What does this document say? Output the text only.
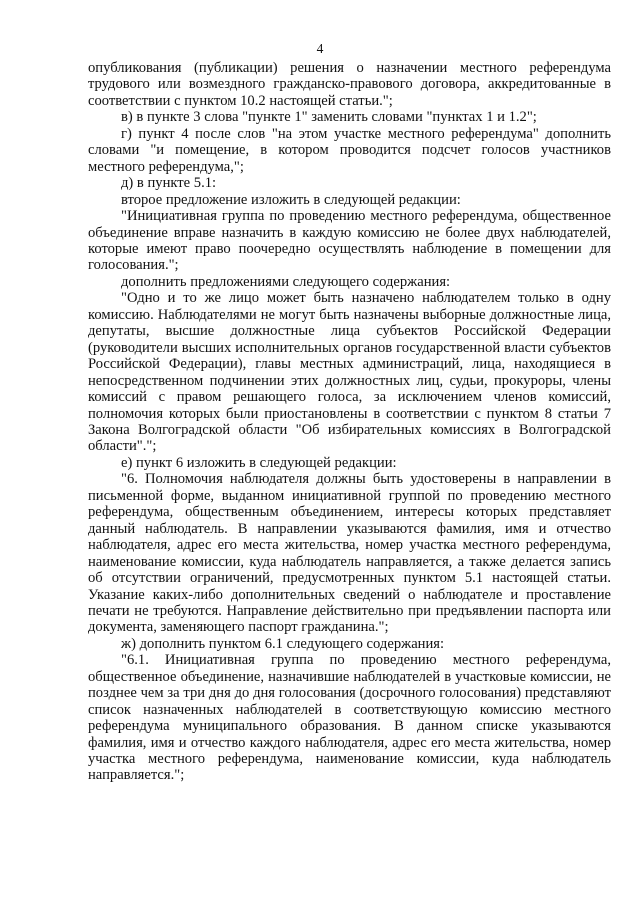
4

опубликования (публикации) решения о назначении местного референдума трудового или возмездного гражданско-правового договора, аккредитованные в соответствии с пунктом 10.2 настоящей статьи.";

в) в пункте 3 слова "пункте 1" заменить словами "пунктах 1 и 1.2";

г) пункт 4 после слов "на этом участке местного референдума" дополнить словами "и помещение, в котором проводится подсчет голосов участников местного референдума,";

д) в пункте 5.1:

второе предложение изложить в следующей редакции:

"Инициативная группа по проведению местного референдума, общественное объединение вправе назначить в каждую комиссию не более двух наблюдателей, которые имеют право поочередно осуществлять наблюдение в помещении для голосования.";

дополнить предложениями следующего содержания:

"Одно и то же лицо может быть назначено наблюдателем только в одну комиссию. Наблюдателями не могут быть назначены выборные должностные лица, депутаты, высшие должностные лица субъектов Российской Федерации (руководители высших исполнительных органов государственной власти субъектов Российской Федерации), главы местных администраций, лица, находящиеся в непосредственном подчинении этих должностных лиц, судьи, прокуроры, члены комиссий с правом решающего голоса, за исключением членов комиссий, полномочия которых были приостановлены в соответствии с пунктом 8 статьи 7 Закона Волгоградской области "Об избирательных комиссиях в Волгоградской области".";

е) пункт 6 изложить в следующей редакции:

"6. Полномочия наблюдателя должны быть удостоверены в направлении в письменной форме, выданном инициативной группой по проведению местного референдума, общественным объединением, интересы которых представляет данный наблюдатель. В направлении указываются фамилия, имя и отчество наблюдателя, адрес его места жительства, номер участка местного референдума, наименование комиссии, куда наблюдатель направляется, а также делается запись об отсутствии ограничений, предусмотренных пунктом 5.1 настоящей статьи. Указание каких-либо дополнительных сведений о наблюдателе и проставление печати не требуются. Направление действительно при предъявлении паспорта или документа, заменяющего паспорт гражданина.";

ж) дополнить пунктом 6.1 следующего содержания:

"6.1. Инициативная группа по проведению местного референдума, общественное объединение, назначившие наблюдателей в участковые комиссии, не позднее чем за три дня до дня голосования (досрочного голосования) представляют список назначенных наблюдателей в соответствующую комиссию местного референдума муниципального образования. В данном списке указываются фамилия, имя и отчество каждого наблюдателя, адрес его места жительства, номер участка местного референдума, наименование комиссии, куда наблюдатель направляется.";
